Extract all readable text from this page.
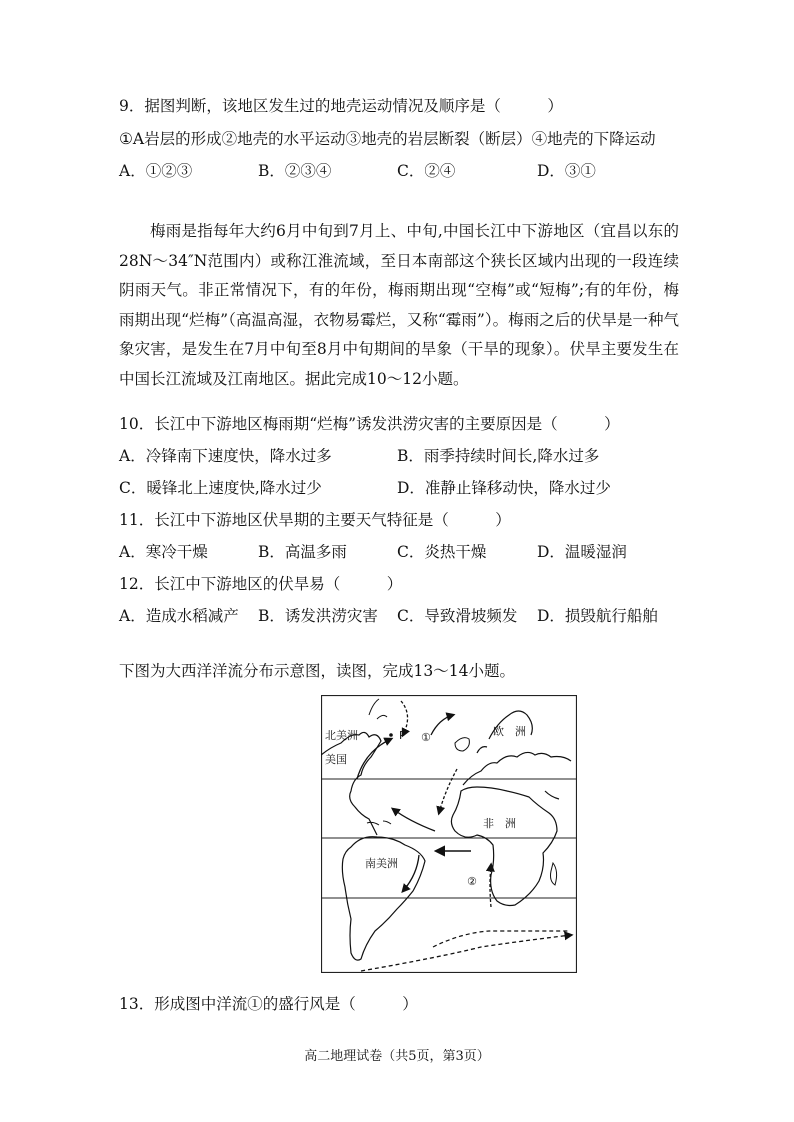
9．据图判断，该地区发生过的地壳运动情况及顺序是（　　　）
①A岩层的形成②地壳的水平运动③地壳的岩层断裂（断层）④地壳的下降运动
A．①②③	B．②③④	C．②④	D．③①
梅雨是指每年大约6月中旬到7月上、中旬,中国长江中下游地区（宜昌以东的28N～34″N范围内）或称江淮流域，至日本南部这个狭长区域内出现的一段连续阴雨天气。非正常情况下，有的年份，梅雨期出现“空梅”或“短梅”;有的年份，梅雨期出现“烂梅”（高温高湿，衣物易霉烂，又称“霉雨”）。梅雨之后的伏旱是一种气象灾害，是发生在7月中旬至8月中旬期间的旱象（干旱的现象）。伏旱主要发生在中国长江流域及江南地区。据此完成10～12小题。
10．长江中下游地区梅雨期“烂梅”诱发洪涝灾害的主要原因是（　　　）
A．冷锋南下速度快，降水过多	B．雨季持续时间长,降水过多
C．暖锋北上速度快,降水过少	D．准静止锋移动快，降水过少
11．长江中下游地区伏旱期的主要天气特征是（　　　）
A．寒冷干燥	B．高温多雨	C．炎热干燥	D．温暖湿润
12．长江中下游地区的伏旱易（　　　）
A．造成水稻减产 B．诱发洪涝灾害 C．导致滑坡频发 D．损毁航行船舶
下图为大西洋洋流分布示意图，读图，完成13～14小题。
北美洲
美国
P ①	欧　洲
非　洲
南美洲
②
13．形成图中洋流①的盛行风是（　　　）
高二地理试卷（共5页，第3页）
